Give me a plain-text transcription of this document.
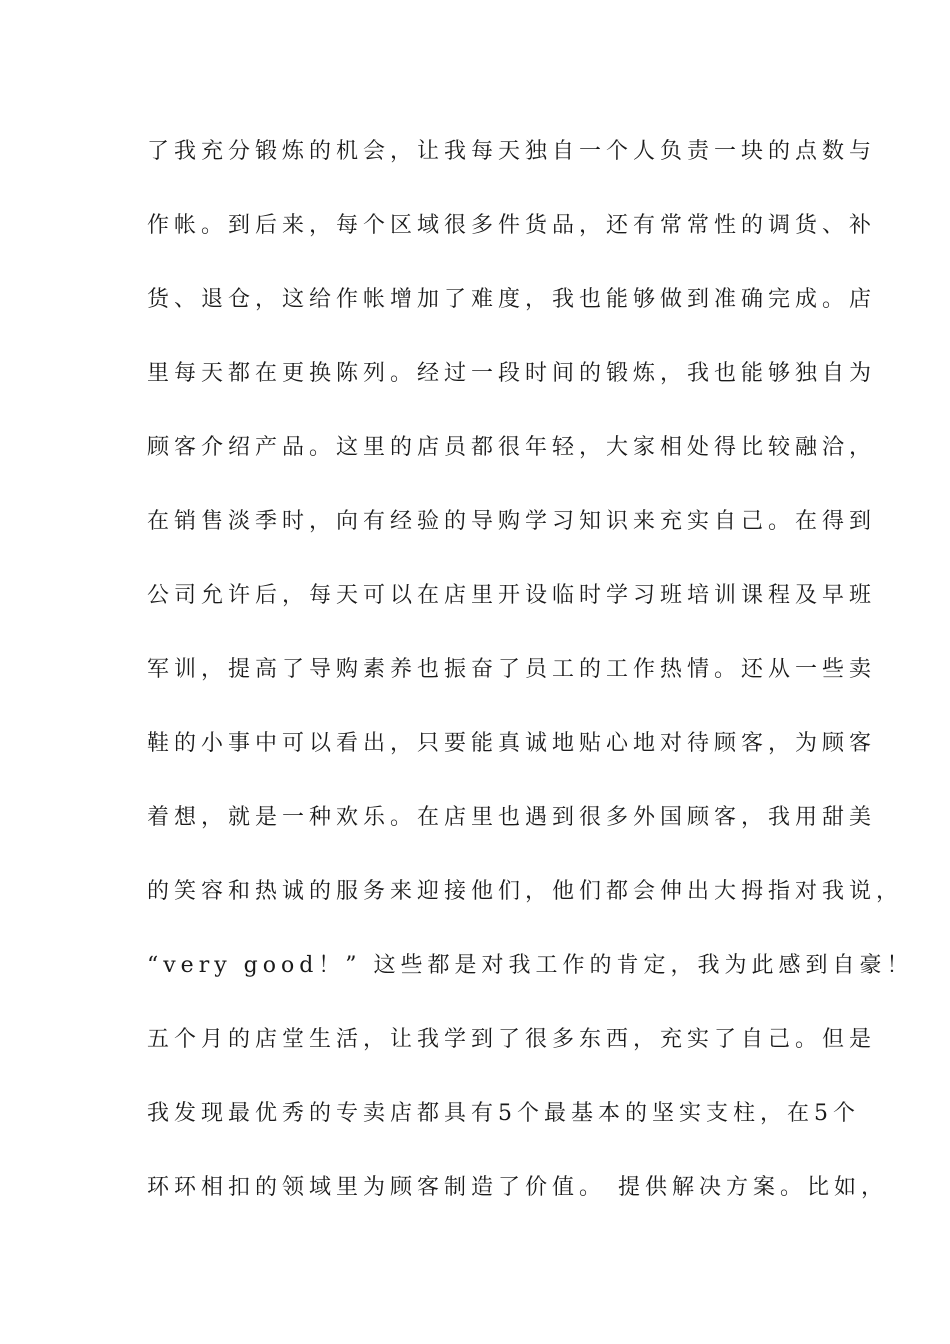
了我充分锻炼的机会，让我每天独自一个人负责一块的点数与
作帐。到后来，每个区域很多件货品，还有常常性的调货、补
货、退仓，这给作帐增加了难度，我也能够做到准确完成。店
里每天都在更换陈列。经过一段时间的锻炼，我也能够独自为
顾客介绍产品。这里的店员都很年轻，大家相处得比较融洽，
在销售淡季时，向有经验的导购学习知识来充实自己。在得到
公司允许后，每天可以在店里开设临时学习班培训课程及早班
军训，提高了导购素养也振奋了员工的工作热情。还从一些卖
鞋的小事中可以看出，只要能真诚地贴心地对待顾客，为顾客
着想，就是一种欢乐。在店里也遇到很多外国顾客，我用甜美
的笑容和热诚的服务来迎接他们，他们都会伸出大拇指对我说，
“very good！” 这些都是对我工作的肯定，我为此感到自豪！
五个月的店堂生活，让我学到了很多东西，充实了自己。但是
我发现最优秀的专卖店都具有5个最基本的坚实支柱，在5个
环环相扣的领域里为顾客制造了价值。 提供解决方案。比如，
